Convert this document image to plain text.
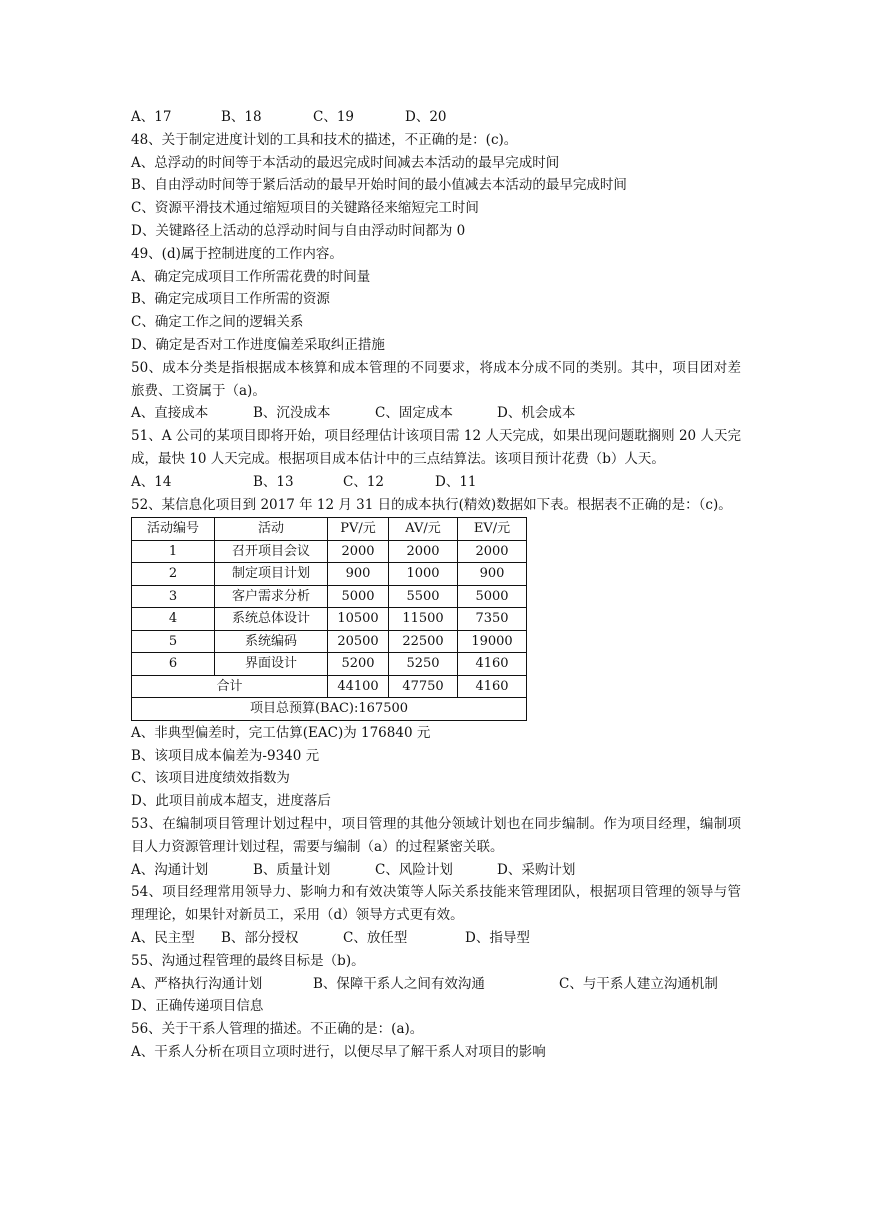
A、17	B、18	C、19	D、20
48、关于制定进度计划的工具和技术的描述，不正确的是：(c)。
A、总浮动的时间等于本活动的最迟完成时间减去本活动的最早完成时间
B、自由浮动时间等于紧后活动的最早开始时间的最小值减去本活动的最早完成时间
C、资源平滑技术通过缩短项目的关键路径来缩短完工时间
D、关键路径上活动的总浮动时间与自由浮动时间都为 0
49、(d)属于控制进度的工作内容。
A、确定完成项目工作所需花费的时间量
B、确定完成项目工作所需的资源
C、确定工作之间的逻辑关系
D、确定是否对工作进度偏差采取纠正措施
50、成本分类是指根据成本核算和成本管理的不同要求，将成本分成不同的类别。其中，项目团对差旅费、工资属于（a)。
A、直接成本	B、沉没成本	C、固定成本	D、机会成本
51、A 公司的某项目即将开始，项目经理估计该项目需 12 人天完成，如果出现问题耽搁则 20 人天完成，最快 10 人天完成。根据项目成本估计中的三点结算法。该项目预计花费（b）人天。
A、14	B、13	C、12	D、11
52、某信息化项目到 2017 年 12 月 31 日的成本执行(精效)数据如下表。根据表不正确的是：（c)。
活动编号	活动	PV/元	AV/元	EV/元
1	召开项目会议	2000	2000	2000
2	制定项目计划	900	1000	900
3	客户需求分析	5000	5500	5000
4	系统总体设计	10500	11500	7350
5	系统编码	20500	22500	19000
6	界面设计	5200	5250	4160
合计		44100	47750	4160
项目总预算(BAC):167500				
A、非典型偏差时，完工估算(EAC)为 176840 元
B、该项目成本偏差为-9340 元
C、该项目进度绩效指数为
D、此项目前成本超支，进度落后
53、在编制项目管理计划过程中，项目管理的其他分领域计划也在同步编制。作为项目经理，编制项目人力资源管理计划过程，需要与编制（a）的过程紧密关联。
A、沟通计划	B、质量计划	C、风险计划	D、采购计划
54、项目经理常用领导力、影响力和有效决策等人际关系技能来管理团队，根据项目管理的领导与管理理论，如果针对新员工，采用（d）领导方式更有效。
A、民主型	B、部分授权	C、放任型	D、指导型
55、沟通过程管理的最终目标是（b)。
A、严格执行沟通计划	B、保障干系人之间有效沟通	C、与干系人建立沟通机制
D、正确传递项目信息
56、关于干系人管理的描述。不正确的是：(a)。
A、干系人分析在项目立项时进行，以便尽早了解干系人对项目的影响
